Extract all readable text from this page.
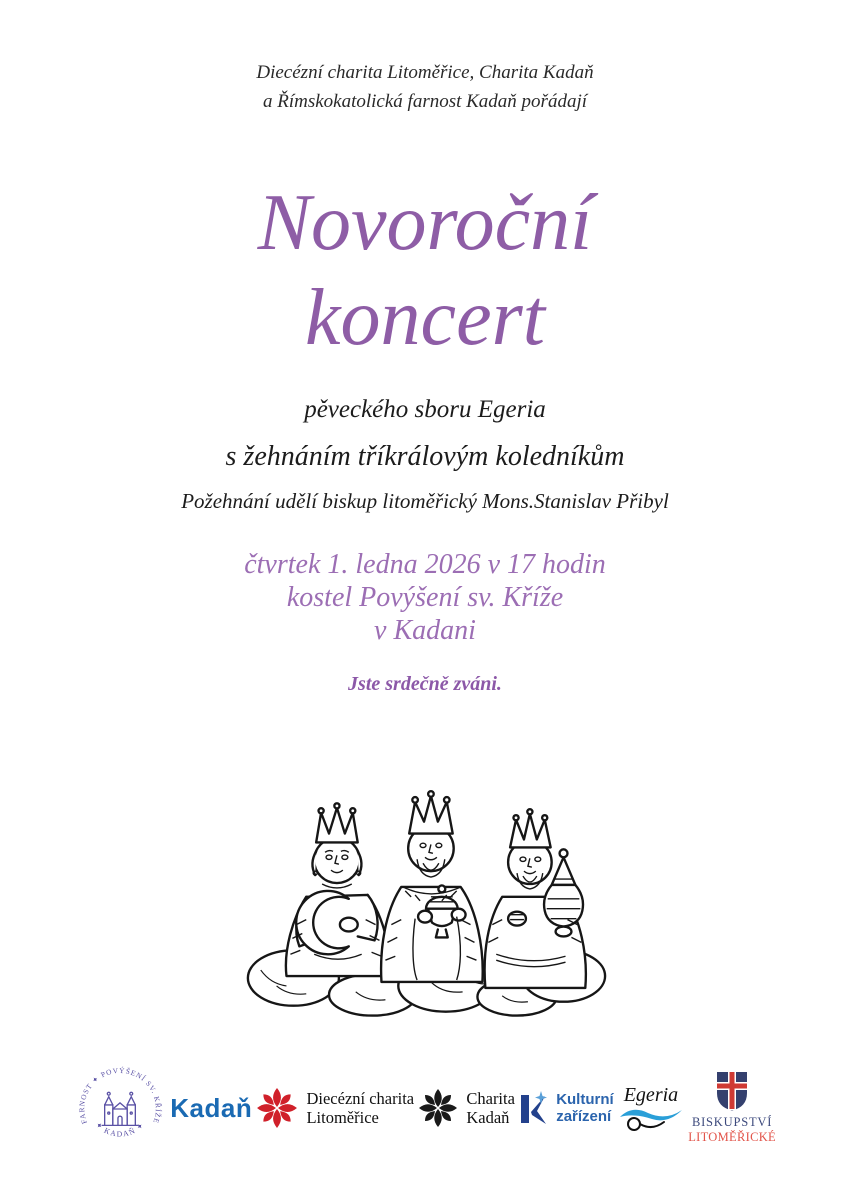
Diecézní charita Litoměřice, Charita Kadaň
a Římskokatolická farnost Kadaň pořádají
Novoroční
koncert
pěveckého sboru Egeria
s žehnáním tříkrálovým koledníkům
Požehnání udělí biskup litoměřický Mons.Stanislav Přibyl
čtvrtek 1. ledna 2026 v 17 hodin
kostel Povýšení sv. Kříže
v Kadani
Jste srdečně zváni.
FARNOST ✦ POVÝŠENÍ SV. KŘÍŽE
✦ KADAŇ ✦
Kadaň	Diecézní charita
Litoměřice
Charita
Kadaň
Kulturní
zařízení
Egeria
BISKUPSTVÍ
LITOMĚŘICKÉ
